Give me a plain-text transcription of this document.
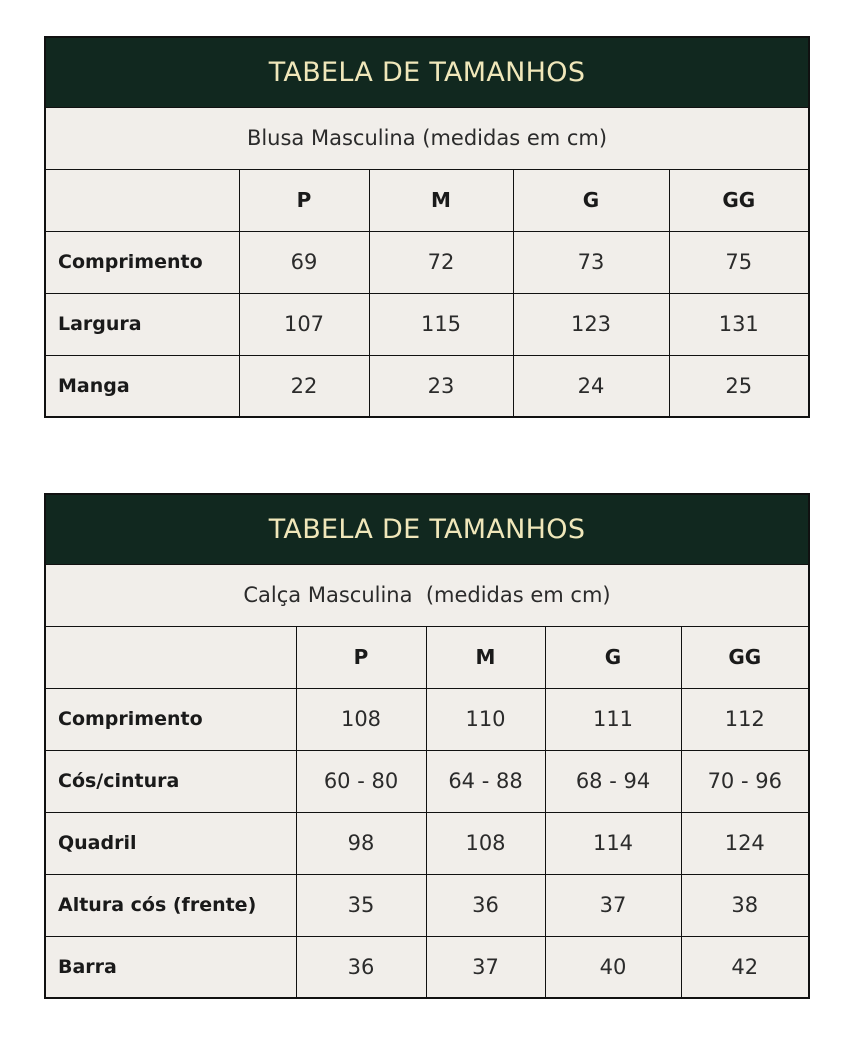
TABELA DE TAMANHOS				
Blusa Masculina (medidas em cm)				
	P	M	G	GG
Comprimento	69	72	73	75
Largura	107	115	123	131
Manga	22	23	24	25
TABELA DE TAMANHOS				
Calça Masculina  (medidas em cm)				
	P	M	G	GG
Comprimento	108	110	111	112
Cós/cintura	60 - 80	64 - 88	68 - 94	70 - 96
Quadril	98	108	114	124
Altura cós (frente)	35	36	37	38
Barra	36	37	40	42
